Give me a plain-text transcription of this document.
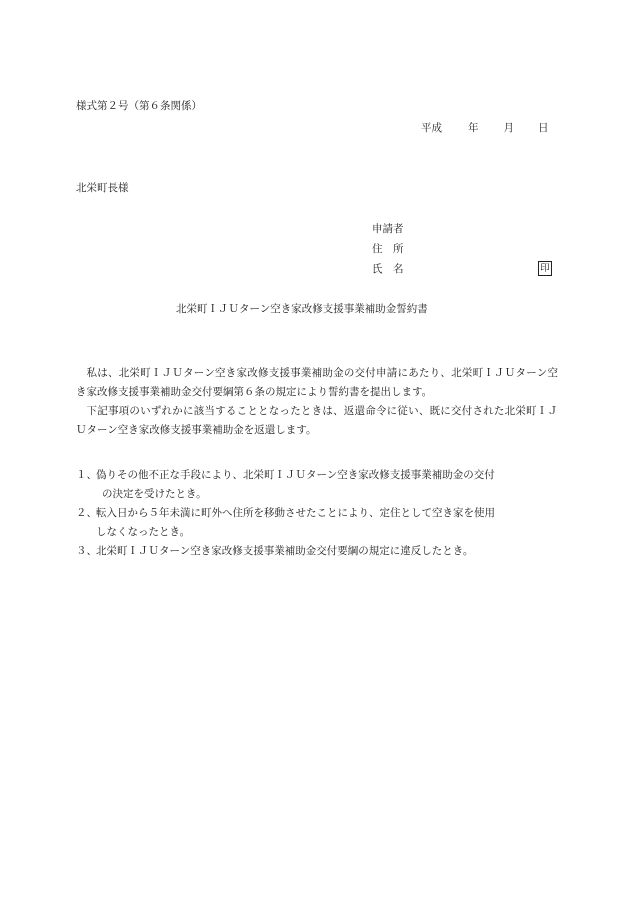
様式第２号（第６条関係）
平成 年 月 日
北栄町長様
申請者
住　所
氏　名	印
北栄町ＩＪＵターン空き家改修支援事業補助金誓約書

私は、北栄町ＩＪＵターン空き家改修支援事業補助金の交付申請にあたり、北栄町ＩＪＵターン空き家改修支援事業補助金交付要綱第６条の規定により誓約書を提出します。

下記事項のいずれかに該当することとなったときは、返還命令に従い、既に交付された北栄町ＩＪＵターン空き家改修支援事業補助金を返還します。

１、 偽りその他不正な手段により、北栄町ＩＪＵターン空き家改修支援事業補助金の交付
の決定を受けたとき。
２、 転入日から５年未満に町外へ住所を移動させたことにより、定住として空き家を使用
しなくなったとき。
３、 北栄町ＩＪＵターン空き家改修支援事業補助金交付要綱の規定に違反したとき。
